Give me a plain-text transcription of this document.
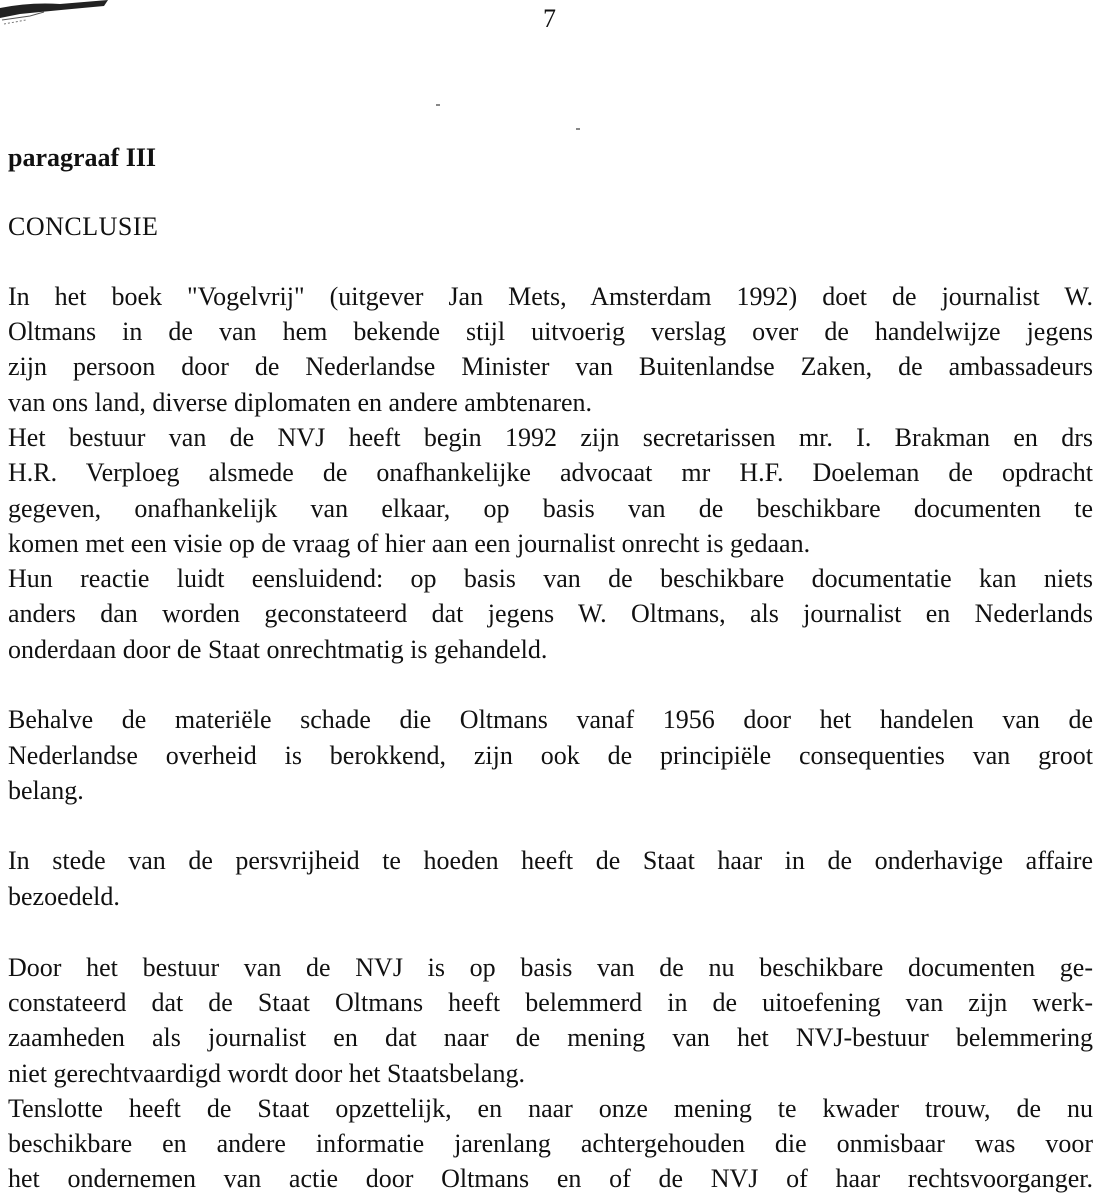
7
paragraaf III
CONCLUSIE
In het boek "Vogelvrij" (uitgever Jan Mets, Amsterdam 1992) doet de journalist W.
Oltmans in de van hem bekende stijl uitvoerig verslag over de handelwijze jegens
zijn persoon door de Nederlandse Minister van Buitenlandse Zaken, de ambassadeurs
van ons land, diverse diplomaten en andere ambtenaren.
Het bestuur van de NVJ heeft begin 1992 zijn secretarissen mr. I. Brakman en drs
H.R. Verploeg alsmede de onafhankelijke advocaat mr H.F. Doeleman de opdracht
gegeven, onafhankelijk van elkaar, op basis van de beschikbare documenten te
komen met een visie op de vraag of hier aan een journalist onrecht is gedaan.
Hun reactie luidt eensluidend: op basis van de beschikbare documentatie kan niets
anders dan worden geconstateerd dat jegens W. Oltmans, als journalist en Nederlands
onderdaan door de Staat onrechtmatig is gehandeld.
Behalve de materiële schade die Oltmans vanaf 1956 door het handelen van de
Nederlandse overheid is berokkend, zijn ook de principiële consequenties van groot
belang.
In stede van de persvrijheid te hoeden heeft de Staat haar in de onderhavige affaire
bezoedeld.
Door het bestuur van de NVJ is op basis van de nu beschikbare documenten ge-
constateerd dat de Staat Oltmans heeft belemmerd in de uitoefening van zijn werk-
zaamheden als journalist en dat naar de mening van het NVJ-bestuur belemmering
niet gerechtvaardigd wordt door het Staatsbelang.
Tenslotte heeft de Staat opzettelijk, en naar onze mening te kwader trouw, de nu
beschikbare en andere informatie jarenlang achtergehouden die onmisbaar was voor
het ondernemen van actie door Oltmans en of de NVJ of haar rechtsvoorganger.
